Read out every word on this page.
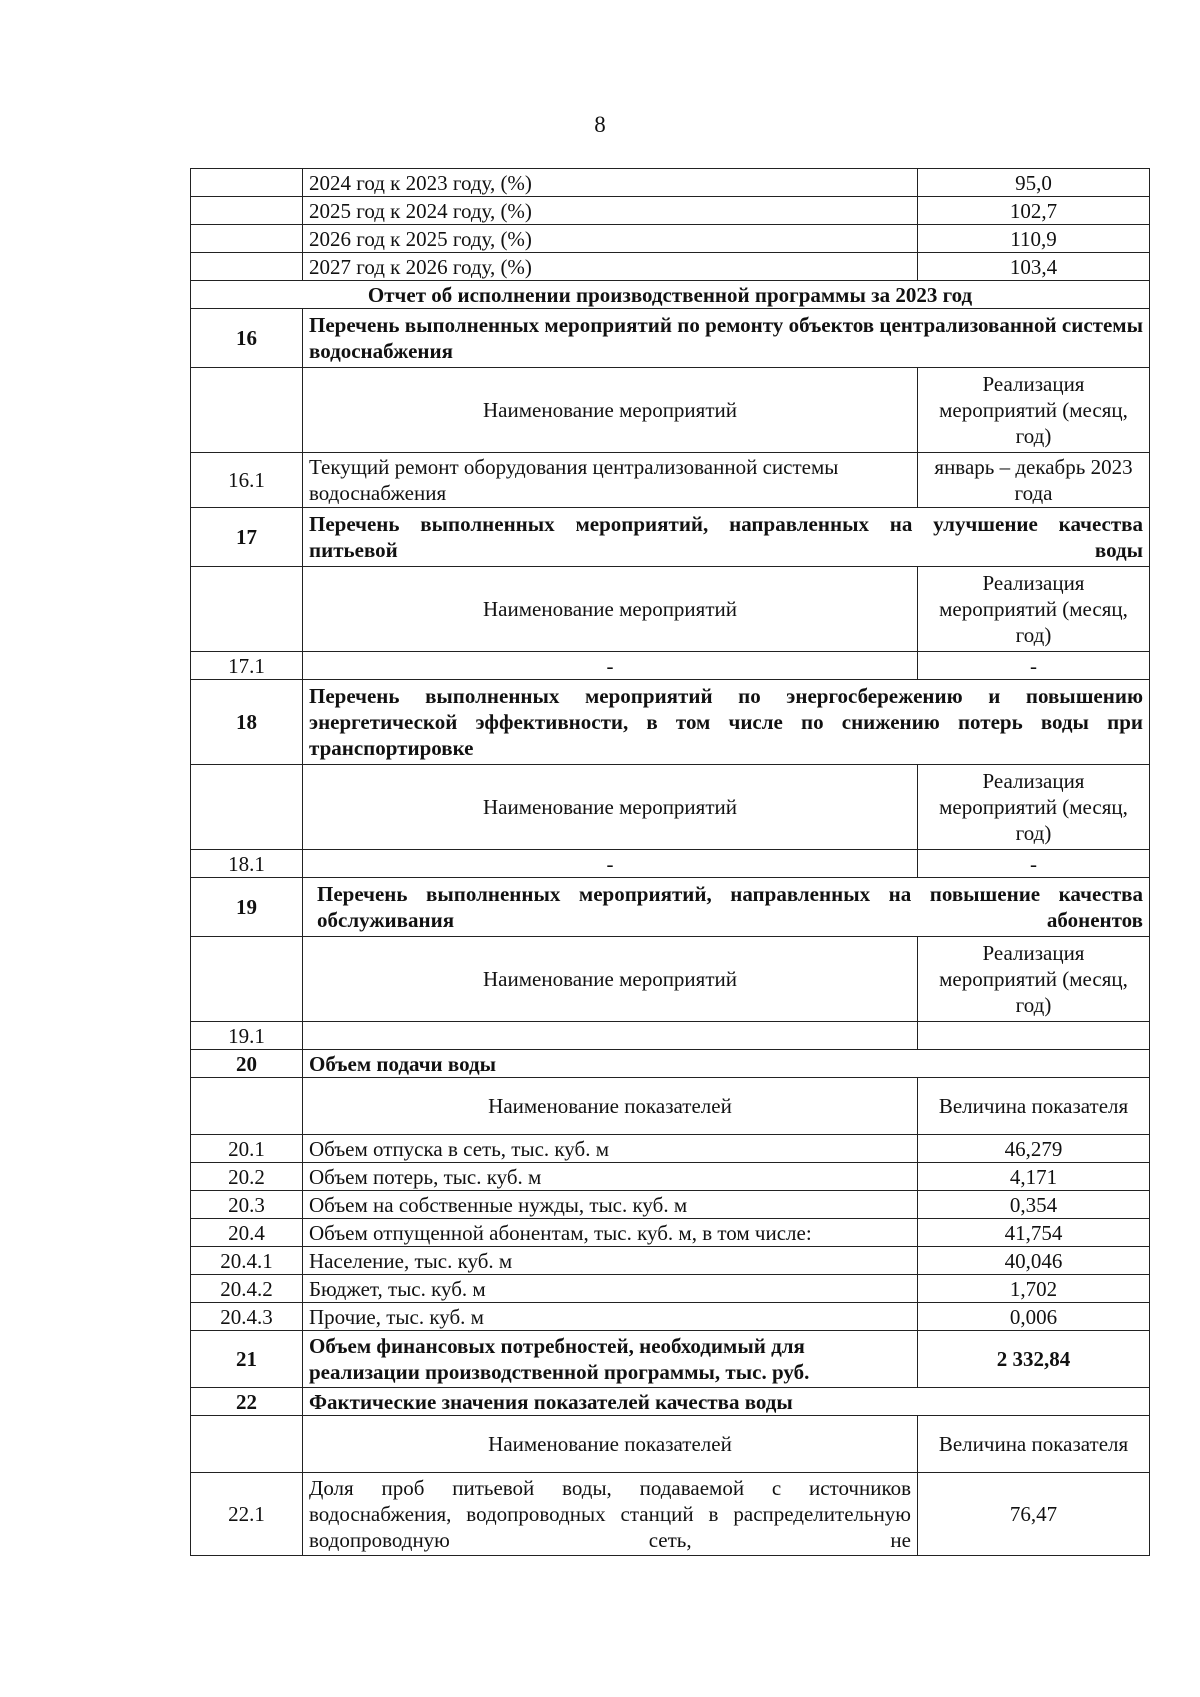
8
	2024 год к 2023 году, (%)	95,0
	2025 год к 2024 году, (%)	102,7
	2026 год к 2025 году, (%)	110,9
	2027 год к 2026 году, (%)	103,4
Отчет об исполнении производственной программы за 2023 год		
16	Перечень выполненных мероприятий по ремонту объектов централизованной системы водоснабжения	
	Наименование мероприятий	Реализация мероприятий (месяц, год)
16.1	Текущий ремонт оборудования централизованной системы водоснабжения	январь – декабрь 2023 года
17	Перечень выполненных мероприятий, направленных на улучшение качества питьевой воды	
	Наименование мероприятий	Реализация мероприятий (месяц, год)
17.1	-	-
18	Перечень выполненных мероприятий по энергосбережению и повышению энергетической эффективности, в том числе по снижению потерь воды при транспортировке	
	Наименование мероприятий	Реализация мероприятий (месяц, год)
18.1	-	-
19	Перечень выполненных мероприятий, направленных на повышение качества обслуживания абонентов	
	Наименование мероприятий	Реализация мероприятий (месяц, год)
19.1		
20	Объем подачи воды	
	Наименование показателей	Величина показателя
20.1	Объем отпуска в сеть, тыс. куб. м	46,279
20.2	Объем потерь, тыс. куб. м	4,171
20.3	Объем на собственные нужды, тыс. куб. м	0,354
20.4	Объем отпущенной абонентам, тыс. куб. м, в том числе:	41,754
20.4.1	Население, тыс. куб. м	40,046
20.4.2	Бюджет, тыс. куб. м	1,702
20.4.3	Прочие, тыс. куб. м	0,006
21	Объем финансовых потребностей, необходимый для реализации производственной программы, тыс. руб.	2 332,84
22	Фактические значения показателей качества воды	
	Наименование показателей	Величина показателя
22.1	Доля проб питьевой воды, подаваемой с источников водоснабжения, водопроводных станций в распределительную водопроводную сеть, не	76,47
